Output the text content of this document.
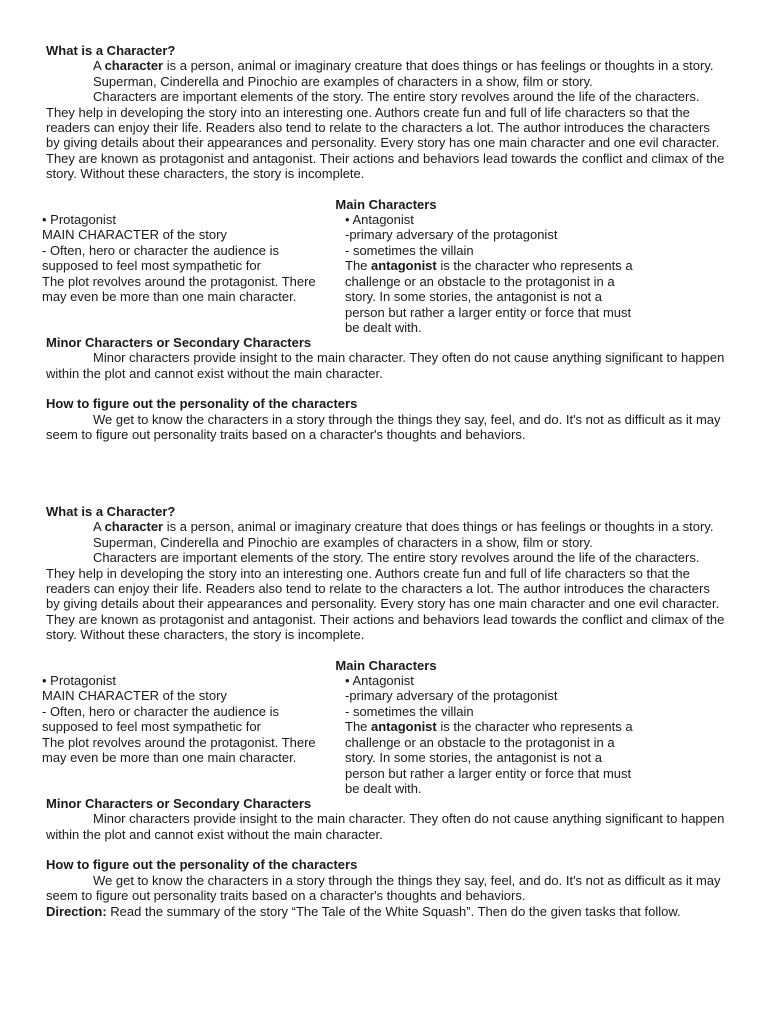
What is a Character?

A character is a person, animal or imaginary creature that does things or has feelings or thoughts in a story.

Superman, Cinderella and Pinochio are examples of characters in a show, film or story.

Characters are important elements of the story. The entire story revolves around the life of the characters. They help in developing the story into an interesting one. Authors create fun and full of life characters so that the readers can enjoy their life. Readers also tend to relate to the characters a lot. The author introduces the characters by giving details about their appearances and personality. Every story has one main character and one evil character. They are known as protagonist and antagonist. Their actions and behaviors lead towards the conflict and climax of the story. Without these characters, the story is incomplete.

Main Characters

• Protagonist

MAIN CHARACTER of the story

- Often, hero or character the audience is supposed to feel most sympathetic for

The plot revolves around the protagonist. There may even be more than one main character.

• Antagonist

-primary adversary of the protagonist

- sometimes the villain

The antagonist is the character who represents a challenge or an obstacle to the protagonist in a story. In some stories, the antagonist is not a person but rather a larger entity or force that must be dealt with.

Minor Characters or Secondary Characters

Minor characters provide insight to the main character. They often do not cause anything significant to happen within the plot and cannot exist without the main character.

How to figure out the personality of the characters

We get to know the characters in a story through the things they say, feel, and do. It's not as difficult as it may seem to figure out personality traits based on a character's thoughts and behaviors.

What is a Character?

A character is a person, animal or imaginary creature that does things or has feelings or thoughts in a story.

Superman, Cinderella and Pinochio are examples of characters in a show, film or story.

Characters are important elements of the story. The entire story revolves around the life of the characters. They help in developing the story into an interesting one. Authors create fun and full of life characters so that the readers can enjoy their life. Readers also tend to relate to the characters a lot. The author introduces the characters by giving details about their appearances and personality. Every story has one main character and one evil character. They are known as protagonist and antagonist. Their actions and behaviors lead towards the conflict and climax of the story. Without these characters, the story is incomplete.

Main Characters

• Protagonist

MAIN CHARACTER of the story

- Often, hero or character the audience is supposed to feel most sympathetic for

The plot revolves around the protagonist. There may even be more than one main character.

• Antagonist

-primary adversary of the protagonist

- sometimes the villain

The antagonist is the character who represents a challenge or an obstacle to the protagonist in a story. In some stories, the antagonist is not a person but rather a larger entity or force that must be dealt with.

Minor Characters or Secondary Characters

Minor characters provide insight to the main character. They often do not cause anything significant to happen within the plot and cannot exist without the main character.

How to figure out the personality of the characters

We get to know the characters in a story through the things they say, feel, and do. It's not as difficult as it may seem to figure out personality traits based on a character's thoughts and behaviors.

Direction: Read the summary of the story “The Tale of the White Squash”. Then do the given tasks that follow.
